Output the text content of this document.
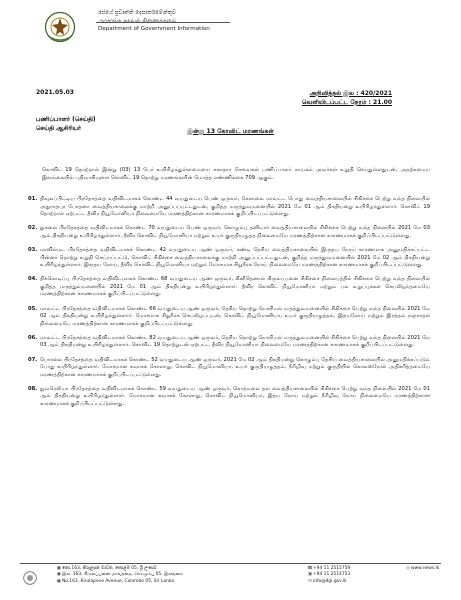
රජයේ ප්‍රවෘත්ති දෙපාර්තමේන්තුව
Department of Government Information
2021.05.03	அறிவித்தல் இல : 420/2021
வெளியிடப்பட்ட நேரம் : 21.00
பணிப்பாளர் (செய்தி)
செய்தி ஆசிரியர்	இன்று 13 கோவிட் மரணங்கள்
கொவிட் 19 தொற்றால் இன்று (03) 13 பேர் உயிரிழந்துள்ளமையை சுகாதார சேவைகள் பணிப்பாளர் நாயகம் அவர்கள் உறுதி செய்துள்ளதுடன், அதற்கமைய இலங்கையில் பதிவாகியுள்ள கொவிட் 19 தொற்று மரணங்களின் மொத்த எண்ணிக்கை 709 ஆகும்.
01. திவுலப்பிட்டிய பிரதேசத்தை வதிவிடமாகக் கொண்ட 44 வயதுடைய பெண் ஒருவர், கேகாலை மாவட்ட பொது வைத்தியசாலையில் சிகிச்சை பெற்று வந்த நிலையில் அநுராதபுர போதனா வைத்தியசாலைக்கு மாற்றி அனுப்பப்பட்டதுடன், குறித்த மருத்துவமனையில் 2021 மே 01 ஆம் திகதியன்று உயிரிழந்துள்ளார். கொவிட் 19 தொற்றால் ஏற்பட்ட தீவிர நியூமோனியா நிலைமையே மரணத்திற்கான காரணமாகக் குறிப்பிடப்பட்டுள்ளது.
02. நுகலை பிரதேசத்தை வதிவிடமாகக் கொண்ட 70 வயதுடைய பெண் ஒருவர், கொழும்பு தனியார் வைத்தியசாலையில் சிகிச்சை பெற்று வந்த நிலையில் 2021 மே 03 ஆம் திகதியன்று உயிரிழந்துள்ளார். தீவிர கொவிட் நியூமோனியா மற்றும் உயர் குருதியழுத்த நிலைமையே மரணத்திற்கான காரணமாகக் குறிப்பிடப்பட்டுள்ளது.
03. மாவில்மட பிரதேசத்தை வதிவிடமாகக் கொண்ட 42 வயதுடைய ஆண் ஒருவர், கண்டி தேசிய வைத்தியசாலையில் இருதய நோய் காரணமாக அனுமதிக்கப்பட்ட பின்னர் தொற்று உறுதி செய்யப்பட்டு, கொவிட் சிகிச்சை வைத்தியசாலைக்கு மாற்றி அனுப்பப்பட்டதுடன், குறித்த மருத்துவமனையில் 2021 மே 02 ஆம் திகதியன்று உயிரிழந்துள்ளார். இருதய நோய், தீவிர கொவிட் நியூமோனியா மற்றும் மோசமாக சிறுநீரக நோய் நிலைமையே மரணத்திற்கான காரணமாகக் குறிப்பிடப்பட்டுள்ளது.
04. திக்கொடிப்பு பிரதேசத்தை வதிவிடமாகக் கொண்ட 68 வயதுடைய ஆண் ஒருவர், கினிதெனால் கிருலப்பனை சிகிச்சை நிலையத்தில் சிகிச்சை பெற்று வந்த நிலையில் குறித்த மருத்துவமனையில் 2021 மே 01 ஆம் திகதியன்று உயிரிழந்துள்ளார். தீவிர கொவிட் நியூமோனியா மற்றும் பல உறுப்புக்கள் செயலிழந்தமையே மரணத்திற்கான காரணமாகக் குறிப்பிடப்பட்டுள்ளது.
05. மாவட்ட பிரதேசத்தை வதிவிடமாகக் கொண்ட 66 வயதுடைய ஆண் ஒருவர், தேசிய தொற்று நோயியல் மருத்துவமனையில் சிகிச்சை பெற்று வந்த நிலையில் 2021 மே 02 ஆம் திகதியன்று உயிரிழந்துள்ளார். மோசமாக சிறுநீரக செயலிழப்புடன், கொவிட் நியூமோனியா, உயர் குருதியழுத்தம், இதயநோய் மற்றும் இரத்தம் நஞ்சாதல் நிலைமையே மரணத்திற்கான காரணமாகக் குறிப்பிடப்பட்டுள்ளது.
06. மாவட்ட பிரதேசத்தை வதிவிடமாகக் கொண்ட 82 வயதுடைய ஆண் ஒருவர், தேசிய தொற்று நோயியல் மருத்துவமனையில் சிகிச்சை பெற்று வந்த நிலையில் 2021 மே 03 ஆம் திகதியன்று உயிரிழந்துள்ளார். கொவிட் 19 தொற்றுடன் ஏற்பட்ட தீவிர நியூமோனியா நிலைமையே மரணத்திற்கான காரணமாகக் குறிப்பிடப்பட்டுள்ளது.
07. பொரல்ல பிரதேசத்தை வதிவிடமாகக் கொண்ட 52 வயதுடைய ஆண் ஒருவர், 2021 மே 02 ஆம் திகதியன்று கொழும்பு தேசிய வைத்தியசாலையில் அனுமதிக்கப்படும் போது உயிரிழந்துள்ளார். மோசமான சுவாசக் கோளாறு, கொவிட் நியூமோனியா, உயர் குருதியழுத்தம், நீரிழிவு மற்றும் குருதியில் கொலஸ்ரோல் அதிகரித்தமையே மரணத்திற்கான காரணமாகக் குறிப்பிடப்பட்டுள்ளது.
08. நுவரெலியா பிரதேசத்தை வதிவிடமாகக் கொண்ட 59 வயதுடைய ஆண் ஒருவர், கொத்மலை தள வைத்தியசாலையில் சிகிச்சை பெற்று வந்த நிலையில் 2021 மே 01 ஆம் திகதியன்று உயிரிழந்துள்ளார். மோசமான சுவாசக் கோளாறு, கொவிட் நியூமோனியா, இதய நோய் மற்றும் நீரிழிவு நோய் நிலைமையே மரணத்திற்கான காரணமாகக் குறிப்பிடப்பட்டுள்ளது.
●නො.163, කිරුළපන මාවත, කොළඹ 05, ශ්‍රී ලංකාව
●இல. 163, கிருலப்பனை மாவத்தை, கொழும்பு 05, இலங்கை
●No.163, Kirulapone Avenue, Colombo 05, Sri Lanka
☎+94 11 2515759
▣+94 11 2514753
✉info@dgi.gov.lk
◎www.news.lk
